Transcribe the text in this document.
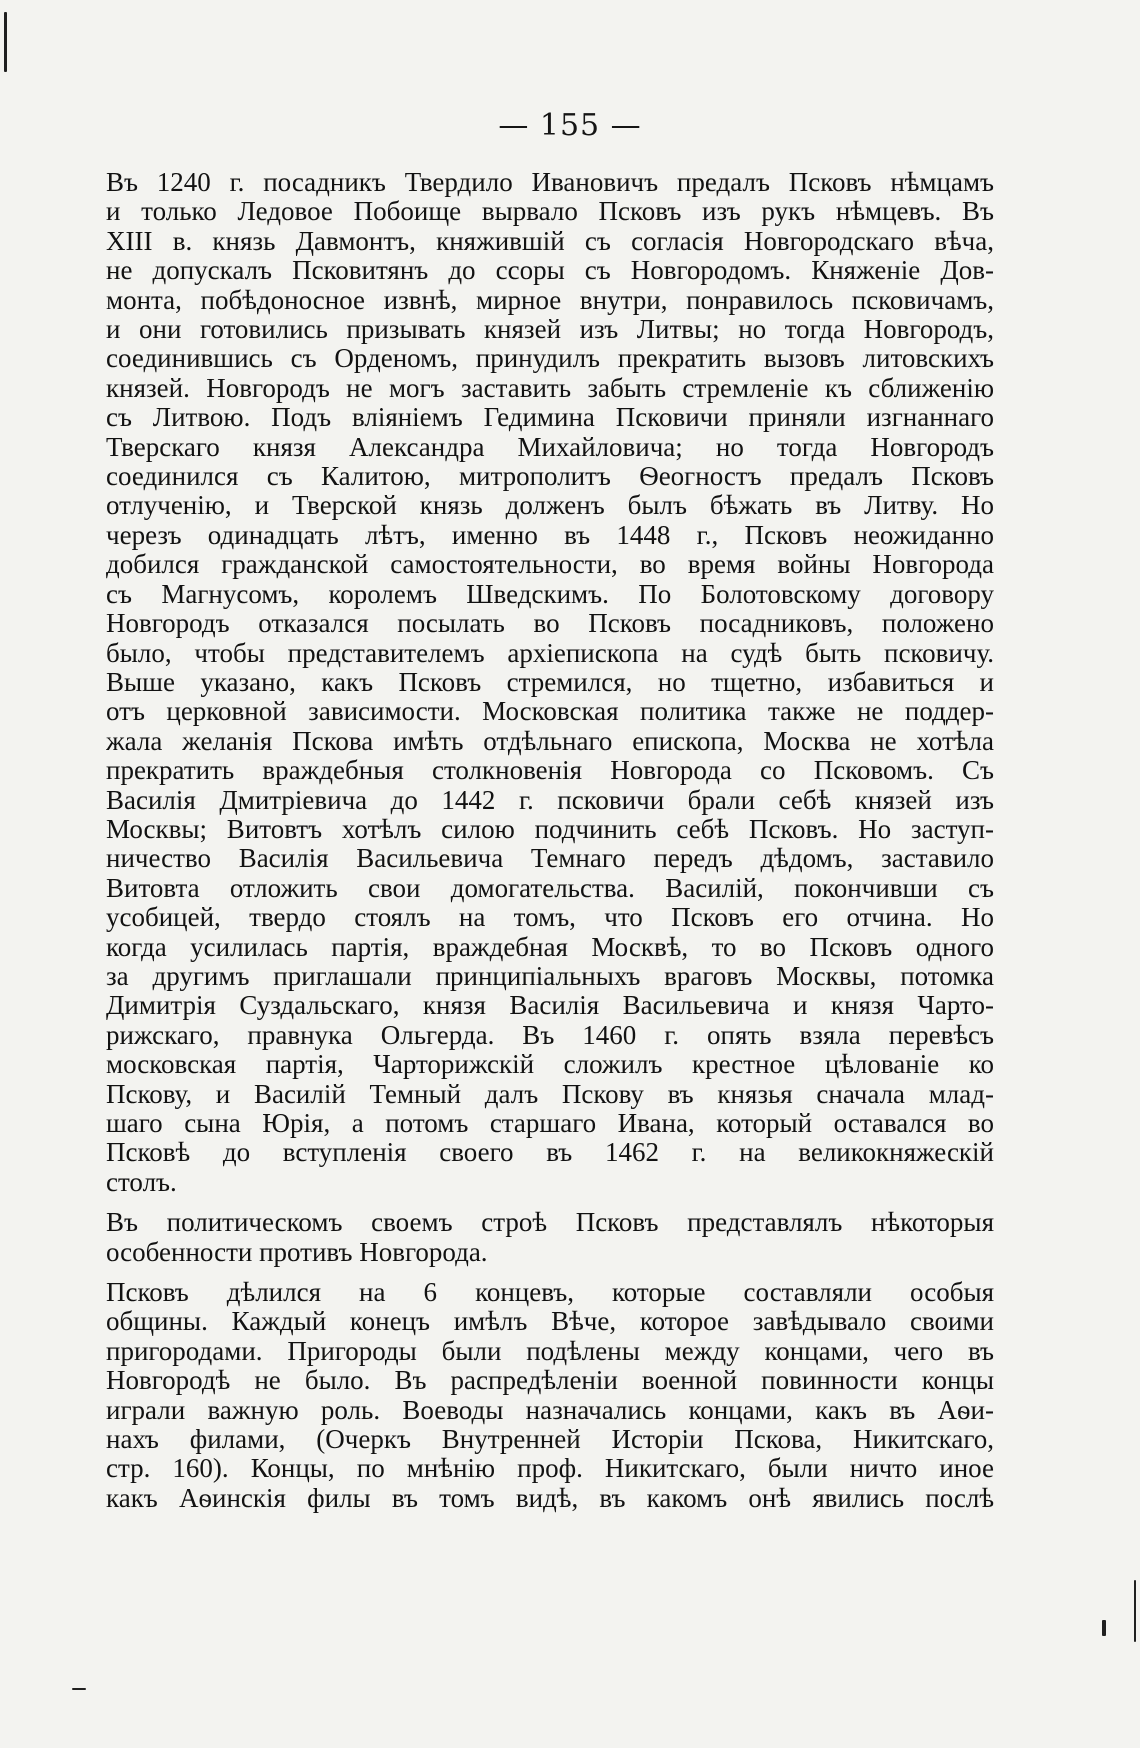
— 155 —
Въ 1240 г. посадникъ Твердило Ивановичъ предалъ Псковъ нѣмцамъ
и только Ледовое Побоище вырвало Псковъ изъ рукъ нѣмцевъ. Въ
XIII в. князь Давмонтъ, княжившій съ согласія Новгородскаго вѣча,
не допускалъ Псковитянъ до ссоры съ Новгородомъ. Княженіе Дов-
монта, побѣдоносное извнѣ, мирное внутри, понравилось псковичамъ,
и они готовились призывать князей изъ Литвы; но тогда Новгородъ,
соединившись съ Орденомъ, принудилъ прекратить вызовъ литовскихъ
князей. Новгородъ не могъ заставить забыть стремленіе къ сближенію
съ Литвою. Подъ вліяніемъ Гедимина Псковичи приняли изгнаннаго
Тверскаго князя Александра Михайловича; но тогда Новгородъ
соединился съ Калитою, митрополитъ Ѳеогностъ предалъ Псковъ
отлученію, и Тверской князь долженъ былъ бѣжать въ Литву. Но
черезъ одинадцать лѣтъ, именно въ 1448 г., Псковъ неожиданно
добился гражданской самостоятельности, во время войны Новгорода
съ Магнусомъ, королемъ Шведскимъ. По Болотовскому договору
Новгородъ отказался посылать во Псковъ посадниковъ, положено
было, чтобы представителемъ архіепископа на судѣ быть псковичу.
Выше указано, какъ Псковъ стремился, но тщетно, избавиться и
отъ церковной зависимости. Московская политика также не поддер-
жала желанія Пскова имѣть отдѣльнаго епископа, Москва не хотѣла
прекратить враждебныя столкновенія Новгорода со Псковомъ. Съ
Василія Дмитріевича до 1442 г. псковичи брали себѣ князей изъ
Москвы; Витовтъ хотѣлъ силою подчинить себѣ Псковъ. Но заступ-
ничество Василія Васильевича Темнаго передъ дѣдомъ, заставило
Витовта отложить свои домогательства. Василій, покончивши съ
усобицей, твердо стоялъ на томъ, что Псковъ его отчина. Но
когда усилилась партія, враждебная Москвѣ, то во Псковъ одного
за другимъ приглашали принципіальныхъ враговъ Москвы, потомка
Димитрія Суздальскаго, князя Василія Васильевича и князя Чарто-
рижскаго, правнука Ольгерда. Въ 1460 г. опять взяла перевѣсъ
московская партія, Чарторижскій сложилъ крестное цѣлованіе ко
Пскову, и Василій Темный далъ Пскову въ князья сначала млад-
шаго сына Юрія, а потомъ старшаго Ивана, который оставался во
Псковѣ до вступленія своего въ 1462 г. на великокняжескій
столъ.
Въ политическомъ своемъ строѣ Псковъ представлялъ нѣкоторыя
особенности противъ Новгорода.
Псковъ дѣлился на 6 концевъ, которые составляли особыя
общины. Каждый конецъ имѣлъ Вѣче, которое завѣдывало своими
пригородами. Пригороды были подѣлены между концами, чего въ
Новгородѣ не было. Въ распредѣленіи военной повинности концы
играли важную роль. Воеводы назначались концами, какъ въ Аѳи-
нахъ филами, (Очеркъ Внутренней Исторіи Пскова, Никитскаго,
стр. 160). Концы, по мнѣнію проф. Никитскаго, были ничто иное
какъ Аѳинскія филы въ томъ видѣ, въ какомъ онѣ явились послѣ
